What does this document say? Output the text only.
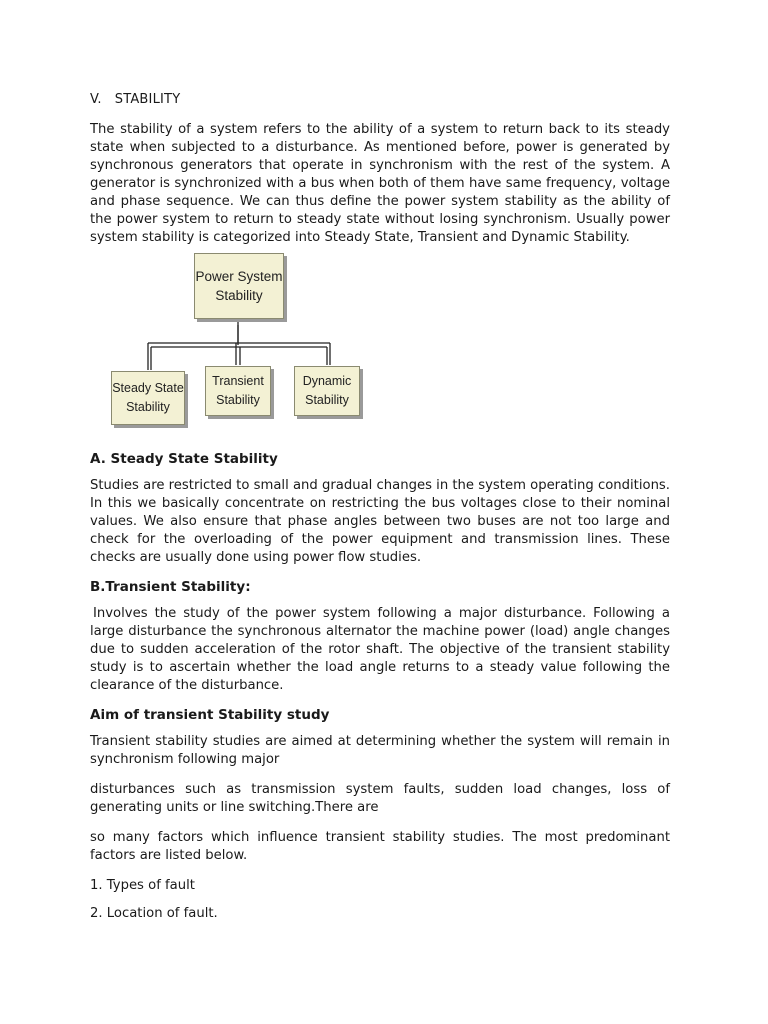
V. STABILITY

The stability of a system refers to the ability of a system to return back to its steady state when subjected to a disturbance. As mentioned before, power is generated by synchronous generators that operate in synchronism with the rest of the system. A generator is synchronized with a bus when both of them have same frequency, voltage and phase sequence. We can thus define the power system stability as the ability of the power system to return to steady state without losing synchronism. Usually power system stability is categorized into Steady State, Transient and Dynamic Stability.

Power System
Stability
Steady State
Stability
Transient
Stability
Dynamic
Stability
A. Steady State Stability

Studies are restricted to small and gradual changes in the system operating conditions. In this we basically concentrate on restricting the bus voltages close to their nominal values. We also ensure that phase angles between two buses are not too large and check for the overloading of the power equipment and transmission lines. These checks are usually done using power flow studies.

B.Transient Stability:

Involves the study of the power system following a major disturbance. Following a large disturbance the synchronous alternator the machine power (load) angle changes due to sudden acceleration of the rotor shaft. The objective of the transient stability study is to ascertain whether the load angle returns to a steady value following the clearance of the disturbance.

Aim of transient Stability study

Transient stability studies are aimed at determining whether the system will remain in synchronism following major

disturbances such as transmission system faults, sudden load changes, loss of generating units or line switching.There are

so many factors which influence transient stability studies. The most predominant factors are listed below.

1. Types of fault
2. Location of fault.
